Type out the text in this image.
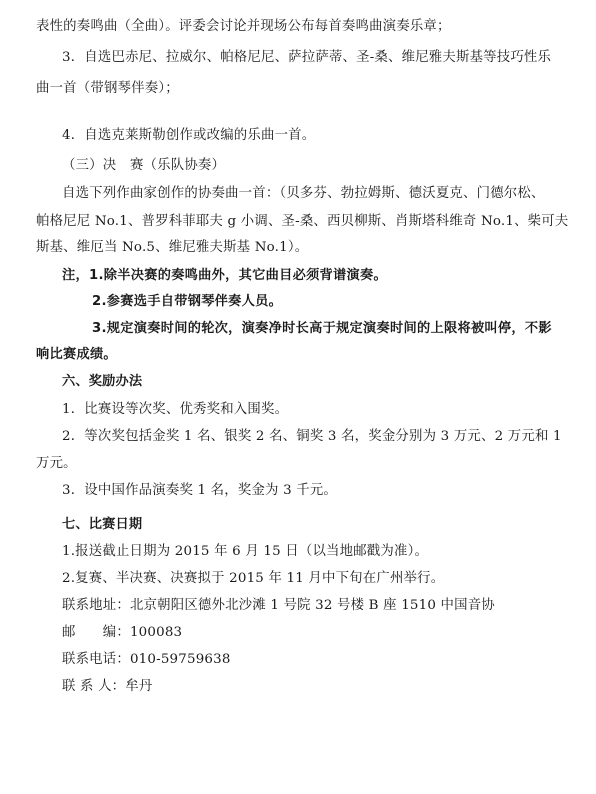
表性的奏鸣曲（全曲）。评委会讨论并现场公布每首奏鸣曲演奏乐章；
3．自选巴赤尼、拉威尔、帕格尼尼、萨拉萨蒂、圣-桑、维尼雅夫斯基等技巧性乐
曲一首（带钢琴伴奏）；
4．自选克莱斯勒创作或改编的乐曲一首。
（三）决　赛（乐队协奏）
自选下列作曲家创作的协奏曲一首：（贝多芬、勃拉姆斯、德沃夏克、门德尔松、
帕格尼尼 No.1、普罗科菲耶夫 g 小调、圣-桑、西贝柳斯、肖斯塔科维奇 No.1、柴可夫
斯基、维厄当 No.5、维尼雅夫斯基 No.1）。
注，1.除半决赛的奏鸣曲外，其它曲目必须背谱演奏。
2.参赛选手自带钢琴伴奏人员。
3.规定演奏时间的轮次，演奏净时长高于规定演奏时间的上限将被叫停，不影
响比赛成绩。
六、奖励办法
1．比赛设等次奖、优秀奖和入围奖。
2．等次奖包括金奖 1 名、银奖 2 名、铜奖 3 名，奖金分别为 3 万元、2 万元和 1
万元。
3．设中国作品演奏奖 1 名，奖金为 3 千元。
七、比赛日期
1.报送截止日期为 2015 年 6 月 15 日（以当地邮戳为准）。
2.复赛、半决赛、决赛拟于 2015 年 11 月中下旬在广州举行。
联系地址：北京朝阳区德外北沙滩 1 号院 32 号楼 B 座 1510 中国音协
邮　　编：100083
联系电话：010-59759638
联 系 人：牟丹
